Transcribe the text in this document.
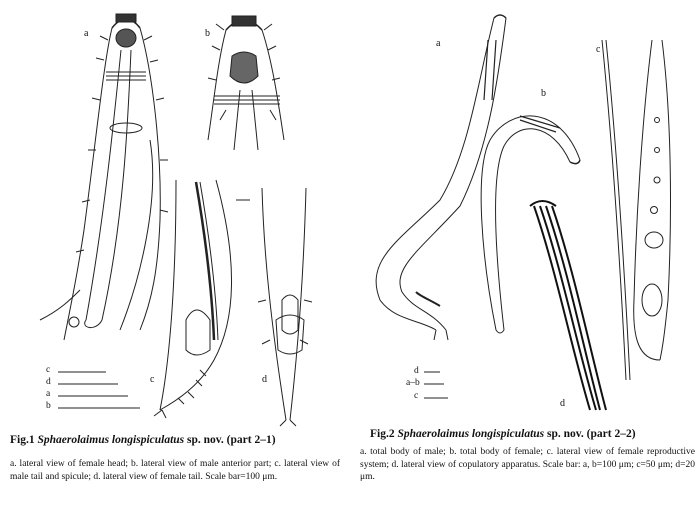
a	b
c	d
c
d
a
b
Fig.1 Sphaerolaimus longispiculatus sp. nov. (part 2–1)
a. lateral view of female head; b. lateral view of male anterior part; c. lateral view of male tail and spicule; d. lateral view of female tail. Scale bar=100 μm.
a
b
c
d
d
a–b
c
Fig.2 Sphaerolaimus longispiculatus sp. nov. (part 2–2)
a. total body of male; b. total body of female; c. lateral view of female reproductive system; d. lateral view of copulatory apparatus. Scale bar: a, b=100 μm; c=50 μm; d=20 μm.
